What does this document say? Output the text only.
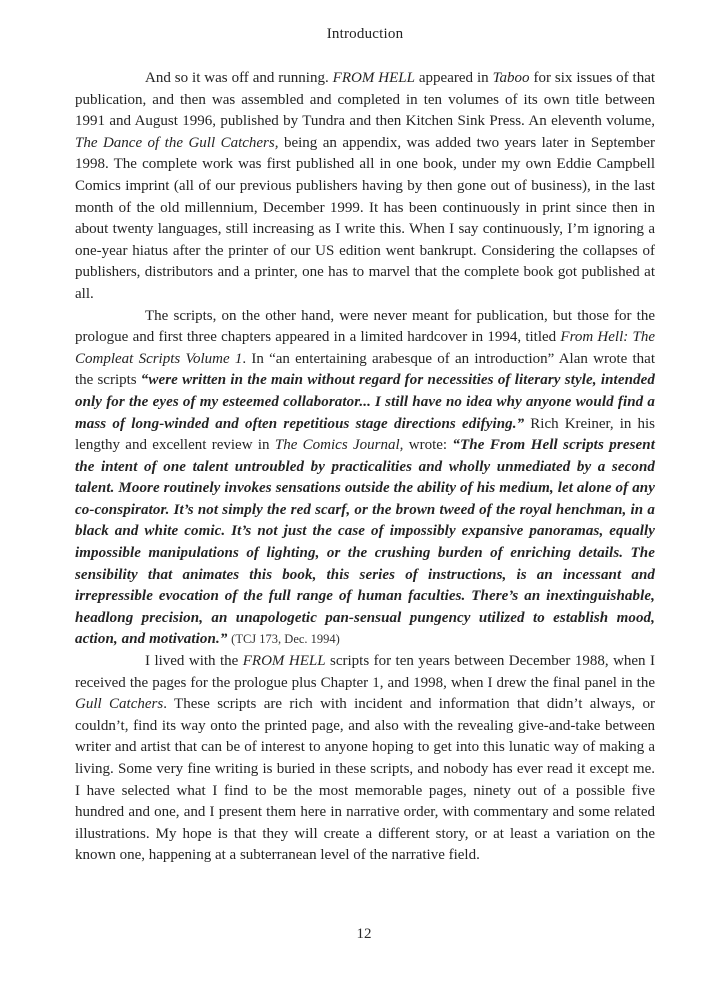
Introduction

And so it was off and running. FROM HELL appeared in Taboo for six issues of that publication, and then was assembled and completed in ten volumes of its own title between 1991 and August 1996, published by Tundra and then Kitchen Sink Press. An eleventh volume, The Dance of the Gull Catchers, being an appendix, was added two years later in September 1998. The complete work was first published all in one book, under my own Eddie Campbell Comics imprint (all of our previous publishers having by then gone out of business), in the last month of the old millennium, December 1999. It has been continuously in print since then in about twenty languages, still increasing as I write this. When I say continuously, I’m ignoring a one-year hiatus after the printer of our US edition went bankrupt. Considering the collapses of publishers, distributors and a printer, one has to marvel that the complete book got published at all.

The scripts, on the other hand, were never meant for publication, but those for the prologue and first three chapters appeared in a limited hardcover in 1994, titled From Hell: The Compleat Scripts Volume 1. In “an entertaining arabesque of an introduction” Alan wrote that the scripts “were written in the main without regard for necessities of literary style, intended only for the eyes of my esteemed collaborator... I still have no idea why anyone would find a mass of long-winded and often repetitious stage directions edifying.” Rich Kreiner, in his lengthy and excellent review in The Comics Journal, wrote: “The From Hell scripts present the intent of one talent untroubled by practicalities and wholly unmediated by a second talent. Moore routinely invokes sensations outside the ability of his medium, let alone of any co-conspirator. It’s not simply the red scarf, or the brown tweed of the royal henchman, in a black and white comic. It’s not just the case of impossibly expansive panoramas, equally impossible manipulations of lighting, or the crushing burden of enriching details. The sensibility that animates this book, this series of instructions, is an incessant and irrepressible evocation of the full range of human faculties. There’s an inextinguishable, headlong precision, an unapologetic pan-sensual pungency utilized to establish mood, action, and motivation.” (TCJ 173, Dec. 1994)

I lived with the FROM HELL scripts for ten years between December 1988, when I received the pages for the prologue plus Chapter 1, and 1998, when I drew the final panel in the Gull Catchers. These scripts are rich with incident and information that didn’t always, or couldn’t, find its way onto the printed page, and also with the revealing give-and-take between writer and artist that can be of interest to anyone hoping to get into this lunatic way of making a living. Some very fine writing is buried in these scripts, and nobody has ever read it except me. I have selected what I find to be the most memorable pages, ninety out of a possible five hundred and one, and I present them here in narrative order, with commentary and some related illustrations. My hope is that they will create a different story, or at least a variation on the known one, happening at a subterranean level of the narrative field.

12
